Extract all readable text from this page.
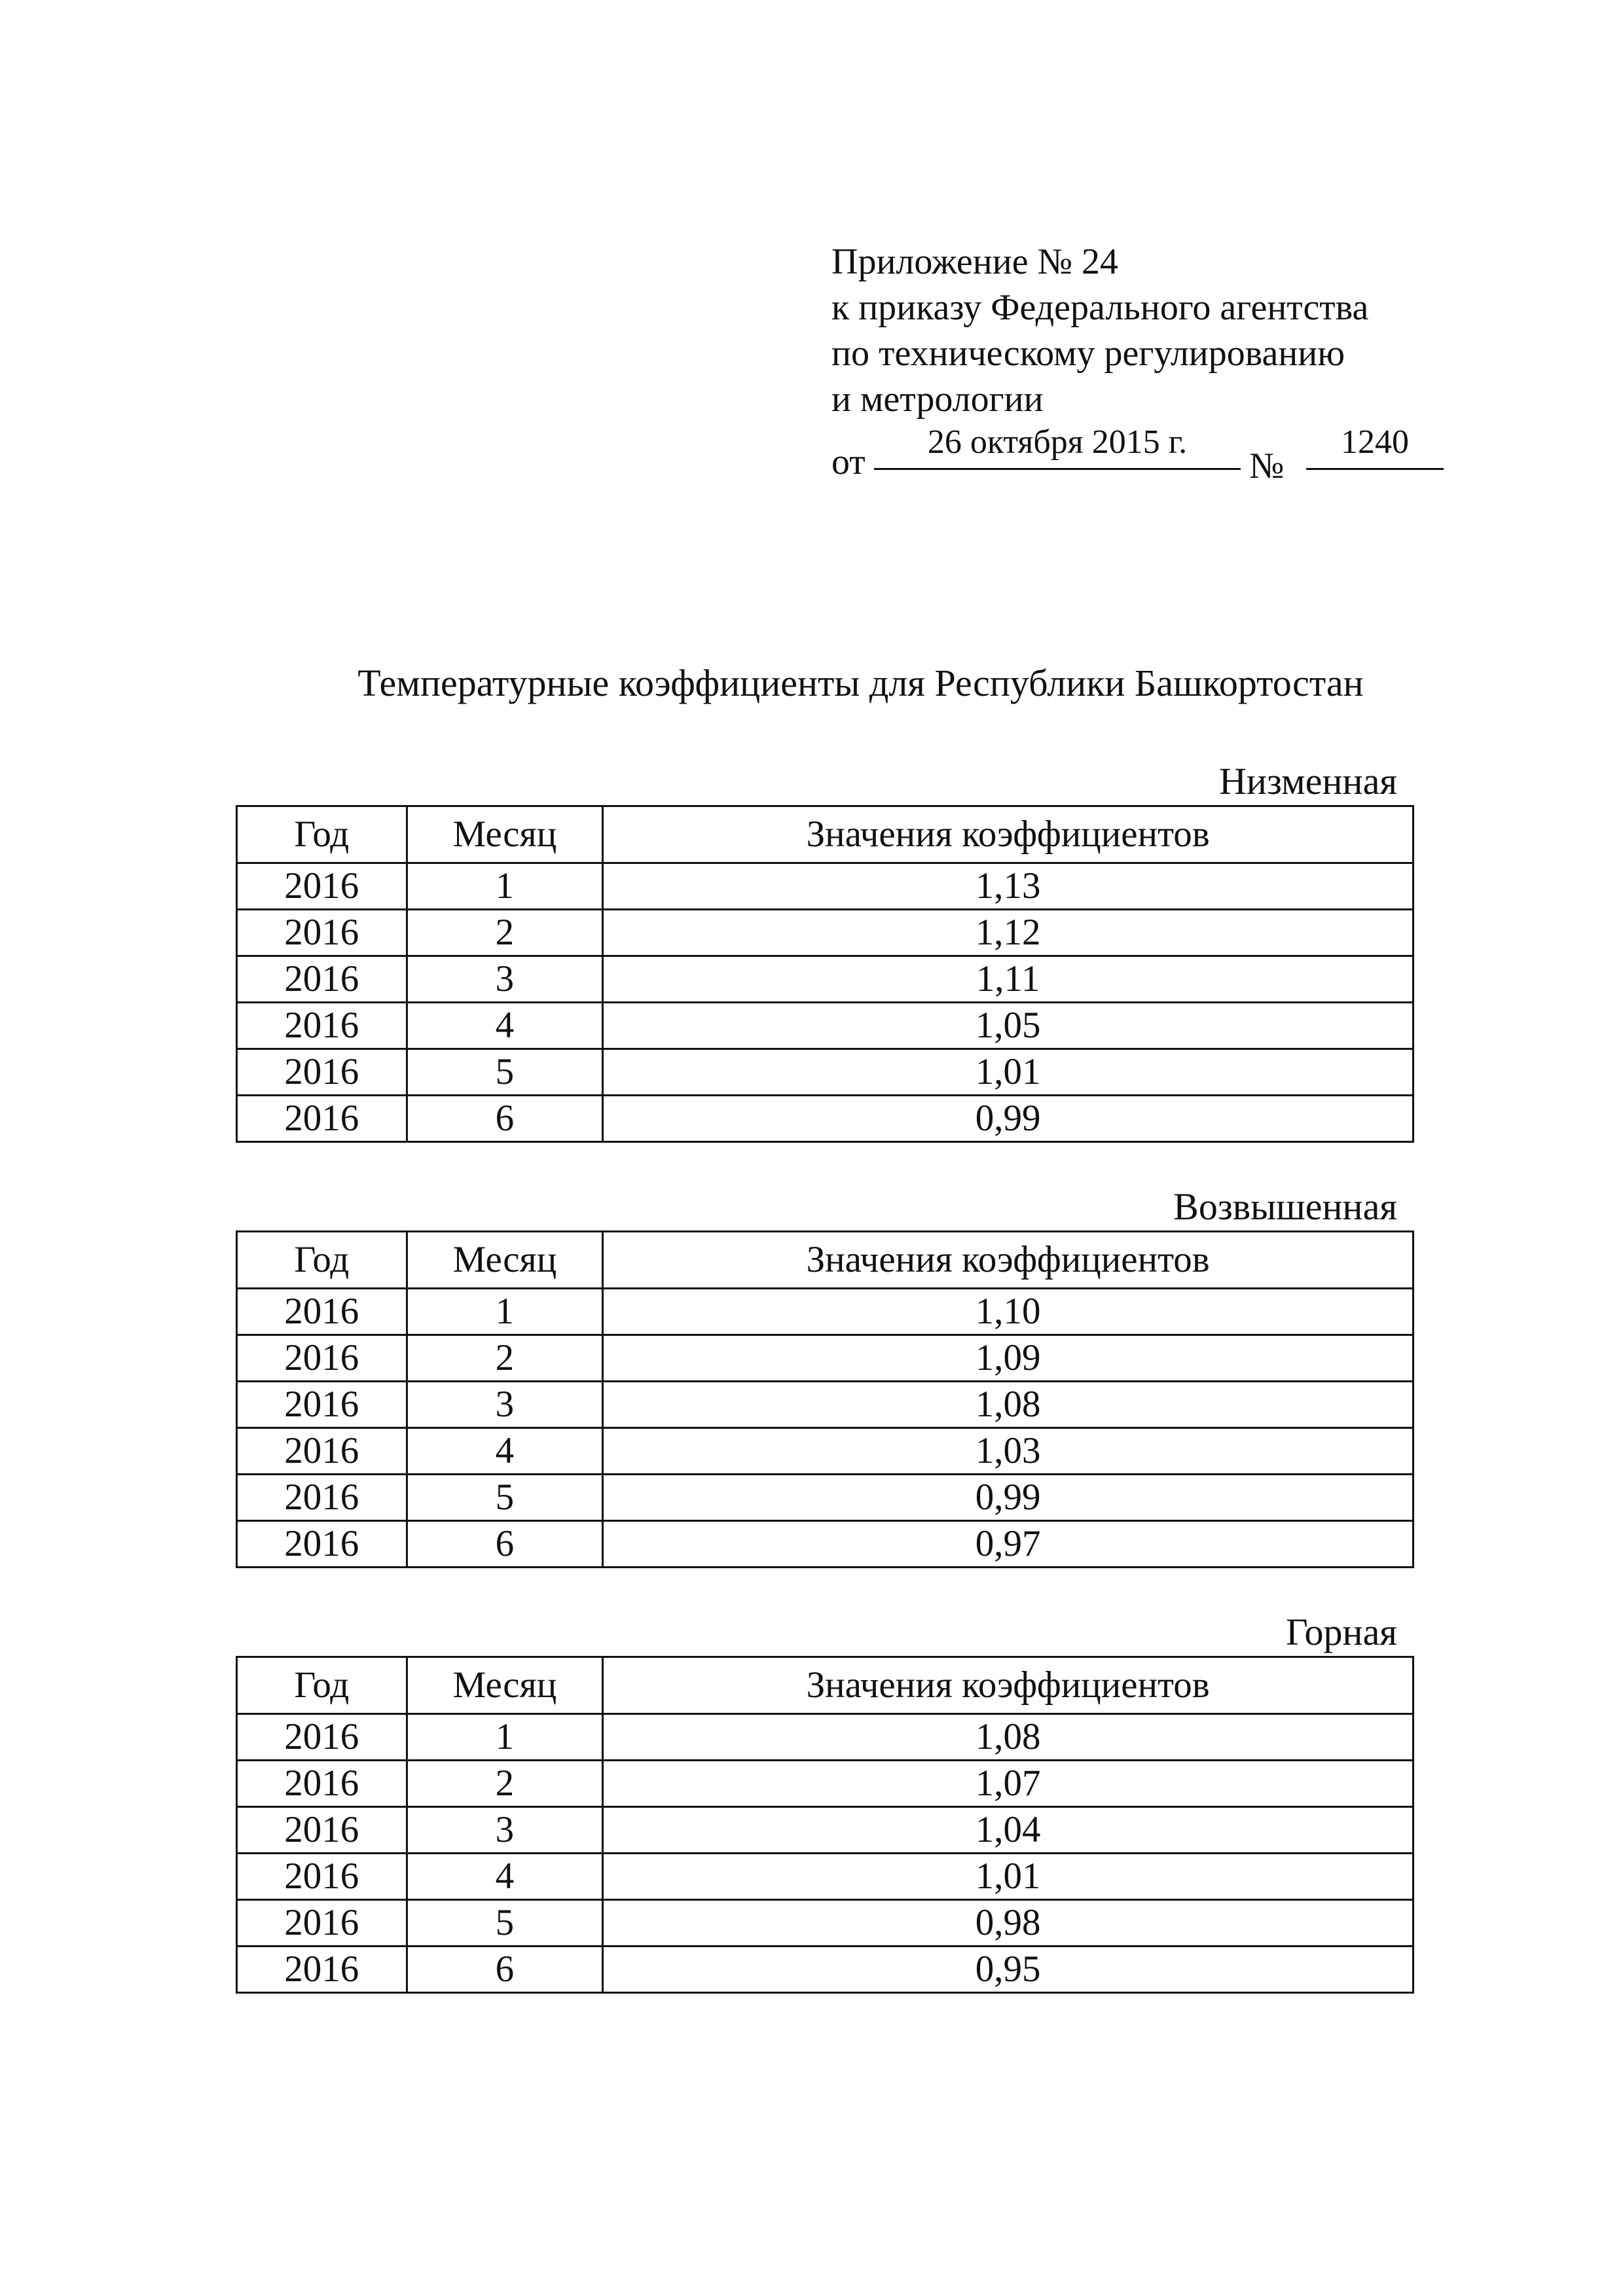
Приложение № 24
к приказу Федерального агентства
по техническому регулированию
и метрологии
от	26 октября 2015 г.
№
1240
Температурные коэффициенты для Республики Башкортостан
Низменная
Год	Месяц	Значения коэффициентов
2016	1	1,13
2016	2	1,12
2016	3	1,11
2016	4	1,05
2016	5	1,01
2016	6	0,99
Возвышенная
Год	Месяц	Значения коэффициентов
2016	1	1,10
2016	2	1,09
2016	3	1,08
2016	4	1,03
2016	5	0,99
2016	6	0,97
Горная
Год	Месяц	Значения коэффициентов
2016	1	1,08
2016	2	1,07
2016	3	1,04
2016	4	1,01
2016	5	0,98
2016	6	0,95
